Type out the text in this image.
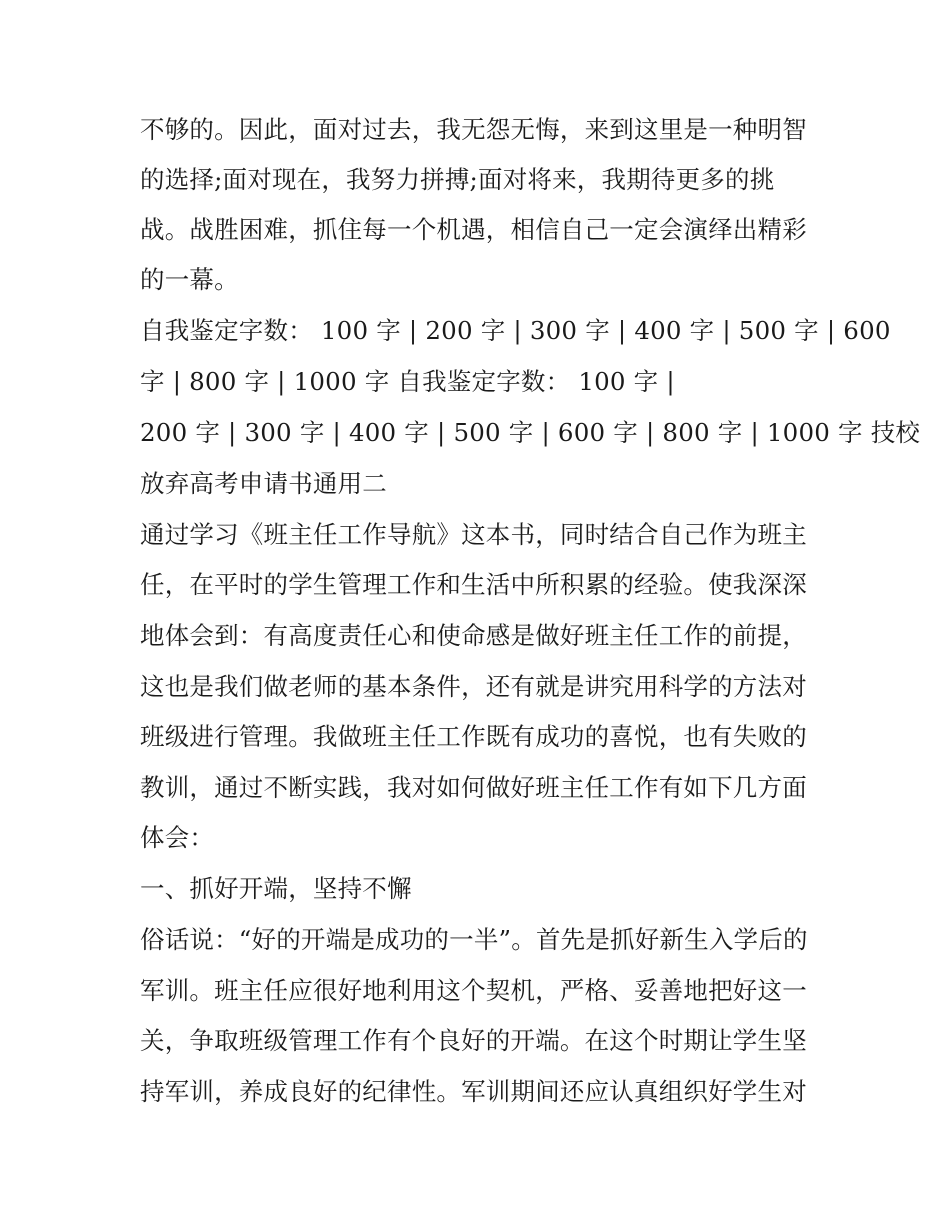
不够的。因此，面对过去，我无怨无悔，来到这里是一种明智
的选择;面对现在，我努力拼搏;面对将来，我期待更多的挑
战。战胜困难，抓住每一个机遇，相信自己一定会演绎出精彩
的一幕。
自我鉴定字数： 100 字 | 200 字 | 300 字 | 400 字 | 500 字 | 600
字 | 800 字 | 1000 字 自我鉴定字数： 100 字 |
200 字 | 300 字 | 400 字 | 500 字 | 600 字 | 800 字 | 1000 字 技校
放弃高考申请书通用二
通过学习《班主任工作导航》这本书，同时结合自己作为班主
任，在平时的学生管理工作和生活中所积累的经验。使我深深
地体会到：有高度责任心和使命感是做好班主任工作的前提，
这也是我们做老师的基本条件，还有就是讲究用科学的方法对
班级进行管理。我做班主任工作既有成功的喜悦，也有失败的
教训，通过不断实践，我对如何做好班主任工作有如下几方面
体会：
一、抓好开端，坚持不懈
俗话说：“好的开端是成功的一半”。首先是抓好新生入学后的
军训。班主任应很好地利用这个契机，严格、妥善地把好这一
关，争取班级管理工作有个良好的开端。在这个时期让学生坚
持军训，养成良好的纪律性。军训期间还应认真组织好学生对
